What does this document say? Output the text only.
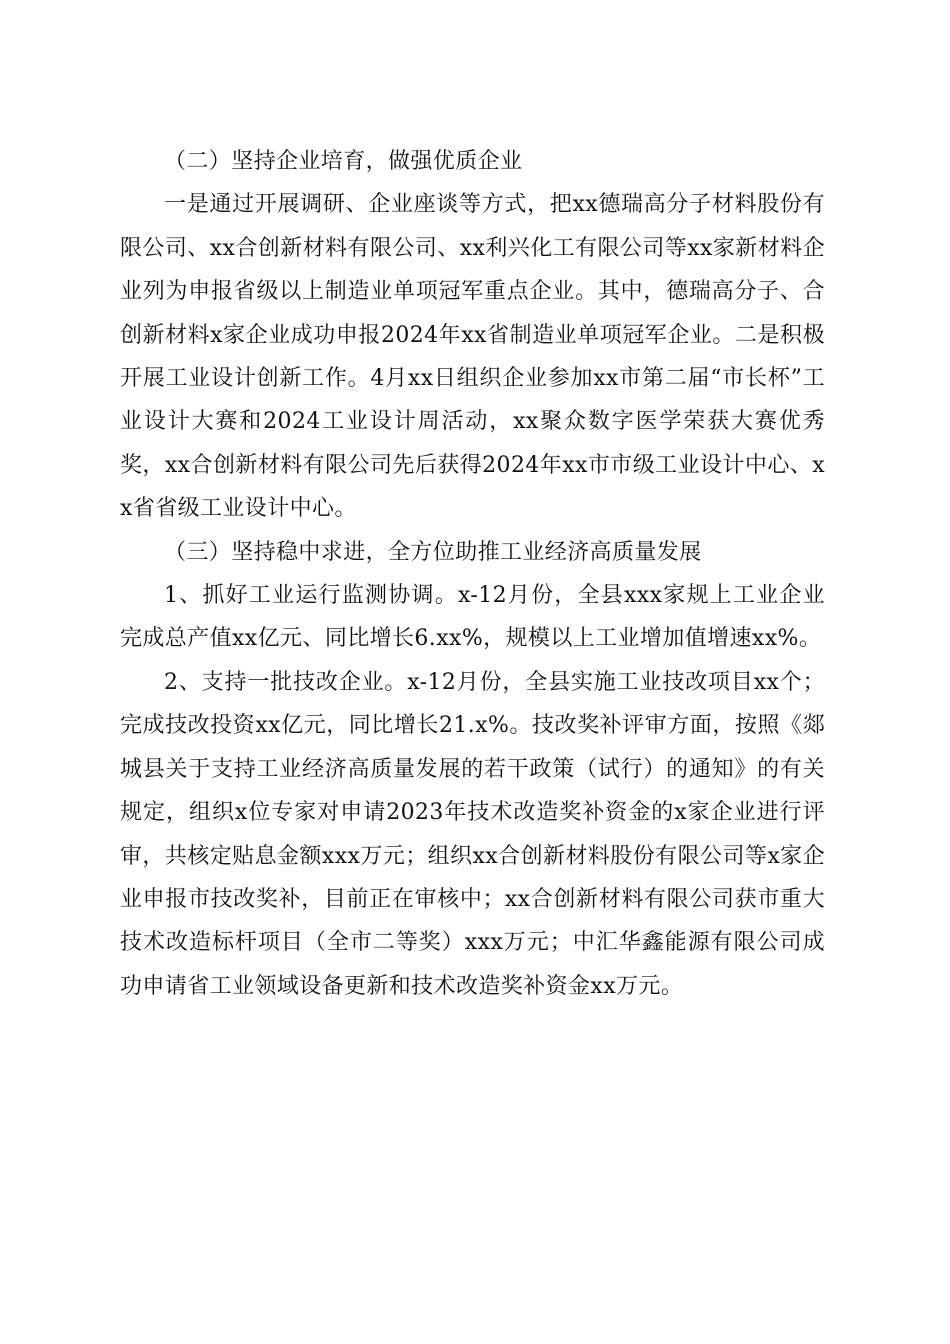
（二）坚持企业培育，做强优质企业

一是通过开展调研、企业座谈等方式，把xx德瑞高分子材料股份有限公司、xx合创新材料有限公司、xx利兴化工有限公司等xx家新材料企业列为申报省级以上制造业单项冠军重点企业。其中，德瑞高分子、合创新材料x家企业成功申报2024年xx省制造业单项冠军企业。二是积极开展工业设计创新工作。4月xx日组织企业参加xx市第二届“市长杯”工业设计大赛和2024工业设计周活动，xx聚众数字医学荣获大赛优秀奖，xx合创新材料有限公司先后获得2024年xx市市级工业设计中心、xx省省级工业设计中心。

（三）坚持稳中求进，全方位助推工业经济高质量发展

1、抓好工业运行监测协调。x-12月份，全县xxx家规上工业企业完成总产值xx亿元、同比增长6.xx%，规模以上工业增加值增速xx%。

2、支持一批技改企业。x-12月份，全县实施工业技改项目xx个；完成技改投资xx亿元，同比增长21.x%。技改奖补评审方面，按照《郯城县关于支持工业经济高质量发展的若干政策（试行）的通知》的有关规定，组织x位专家对申请2023年技术改造奖补资金的x家企业进行评审，共核定贴息金额xxx万元；组织xx合创新材料股份有限公司等x家企业申报市技改奖补，目前正在审核中；xx合创新材料有限公司获市重大技术改造标杆项目（全市二等奖）xxx万元；中汇华鑫能源有限公司成功申请省工业领域设备更新和技术改造奖补资金xx万元。
